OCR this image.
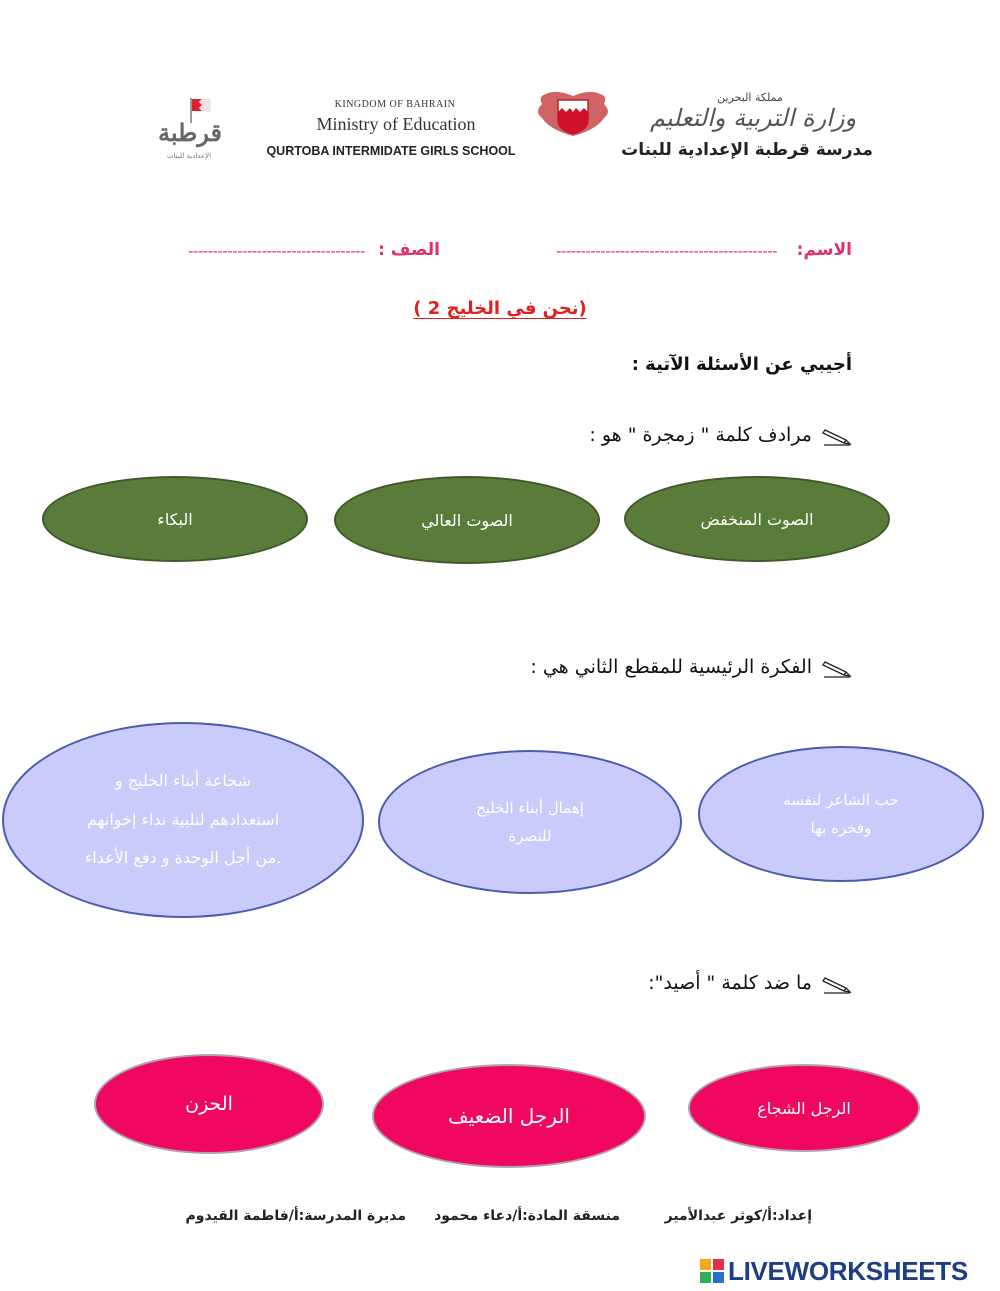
قرطبة
الإعدادية للبنات
KINGDOM OF BAHRAIN
Ministry of Education
QURTOBA INTERMIDATE GIRLS SCHOOL
مملكة البحرين
وزارة التربية والتعليم
مدرسة قرطبة الإعدادية للبنات
الاسم:
---------------------------------------------
الصف :
------------------------------------
(نحن في الخليج 2 )
أجيبي عن الأسئلة الآتية :
مرادف كلمة " زمجرة " هو :
الصوت المنخفض
الصوت العالي
البكاء
الفكرة الرئيسية للمقطع الثاني هي :
حب الشاعر لنفسه
وفخره بها
إهمال أبناء الخليج
للنصرة
شجاعة أبناء الخليج و
استعدادهم لتلبية نداء إخوانهم
.من أجل الوحدة و دفع الأعداء
ما ضد كلمة " أصيد":
الرجل الشجاع
الرجل الضعيف
الحزن
إعداد:أ/كوثر عبدالأمير
منسقة المادة:أ/دعاء محمود
مديرة المدرسة:أ/فاطمة القيدوم
LIVEWORKSHEETS
